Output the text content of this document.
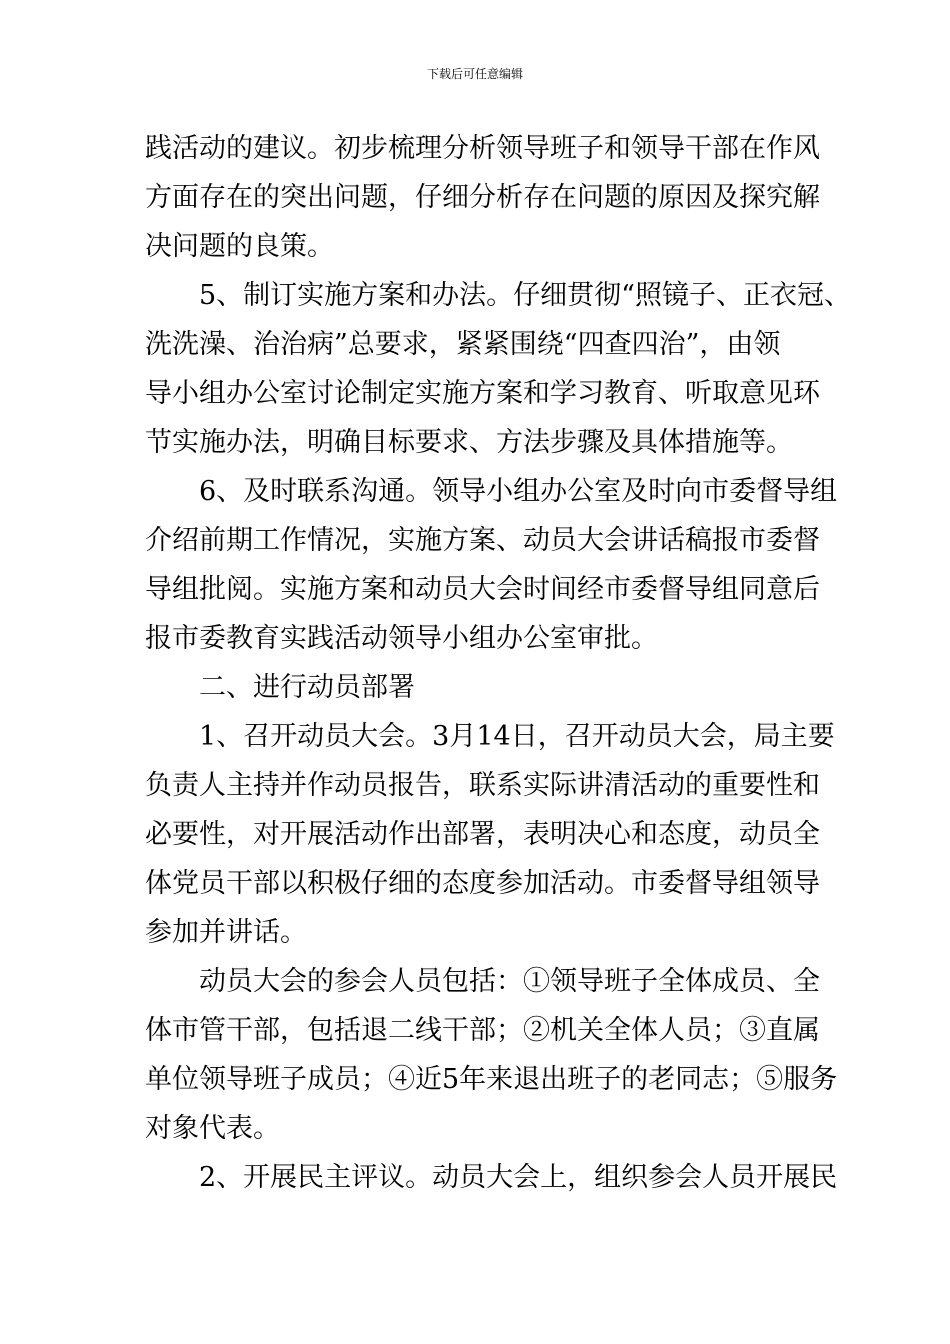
下载后可任意编辑
践活动的建议。初步梳理分析领导班子和领导干部在作风
方面存在的突出问题，仔细分析存在问题的原因及探究解
决问题的良策。
5、制订实施方案和办法。仔细贯彻“照镜子、正衣冠、
洗洗澡、治治病”总要求，紧紧围绕“四查四治”，由领
导小组办公室讨论制定实施方案和学习教育、听取意见环
节实施办法，明确目标要求、方法步骤及具体措施等。
6、及时联系沟通。领导小组办公室及时向市委督导组
介绍前期工作情况，实施方案、动员大会讲话稿报市委督
导组批阅。实施方案和动员大会时间经市委督导组同意后
报市委教育实践活动领导小组办公室审批。
二、进行动员部署
1、召开动员大会。3月14日，召开动员大会，局主要
负责人主持并作动员报告，联系实际讲清活动的重要性和
必要性，对开展活动作出部署，表明决心和态度，动员全
体党员干部以积极仔细的态度参加活动。市委督导组领导
参加并讲话。
动员大会的参会人员包括：①领导班子全体成员、全
体市管干部，包括退二线干部；②机关全体人员；③直属
单位领导班子成员；④近5年来退出班子的老同志；⑤服务
对象代表。
2、开展民主评议。动员大会上，组织参会人员开展民
